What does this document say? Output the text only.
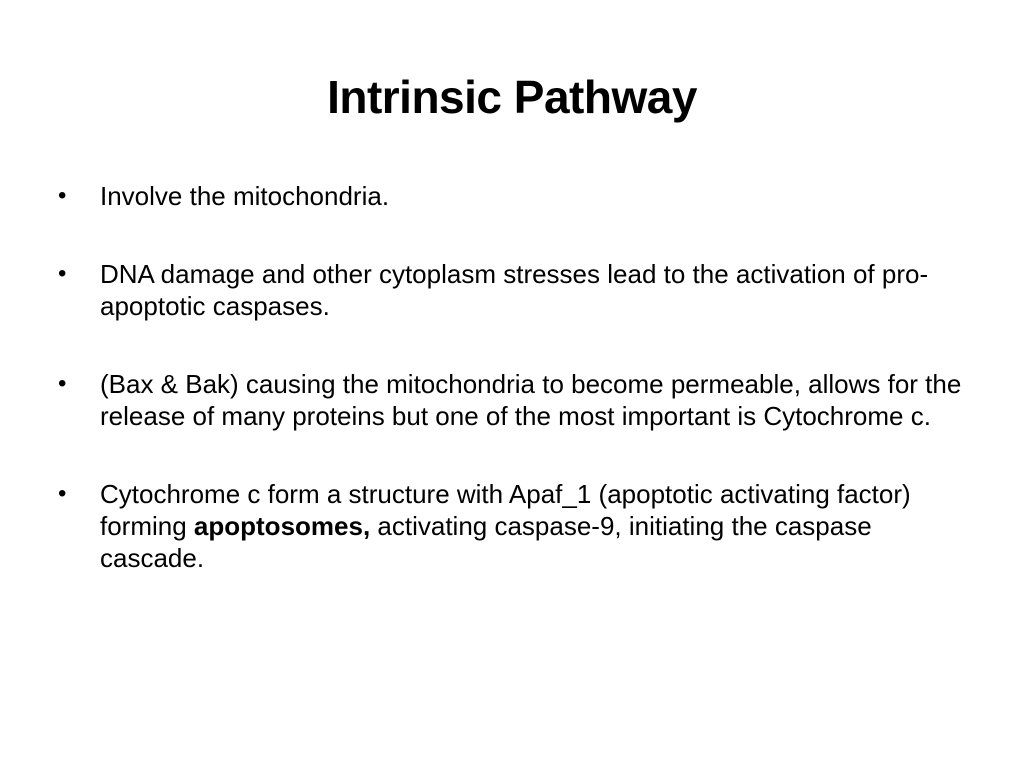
Intrinsic Pathway
• Involve the mitochondria.
• DNA damage and other cytoplasm stresses lead to the activation of pro-apoptotic caspases.
• (Bax & Bak) causing the mitochondria to become permeable, allows for the release of many proteins but one of the most important is Cytochrome c.
• Cytochrome c form a structure with Apaf_1 (apoptotic activating factor) forming apoptosomes, activating caspase-9, initiating the caspase cascade.
